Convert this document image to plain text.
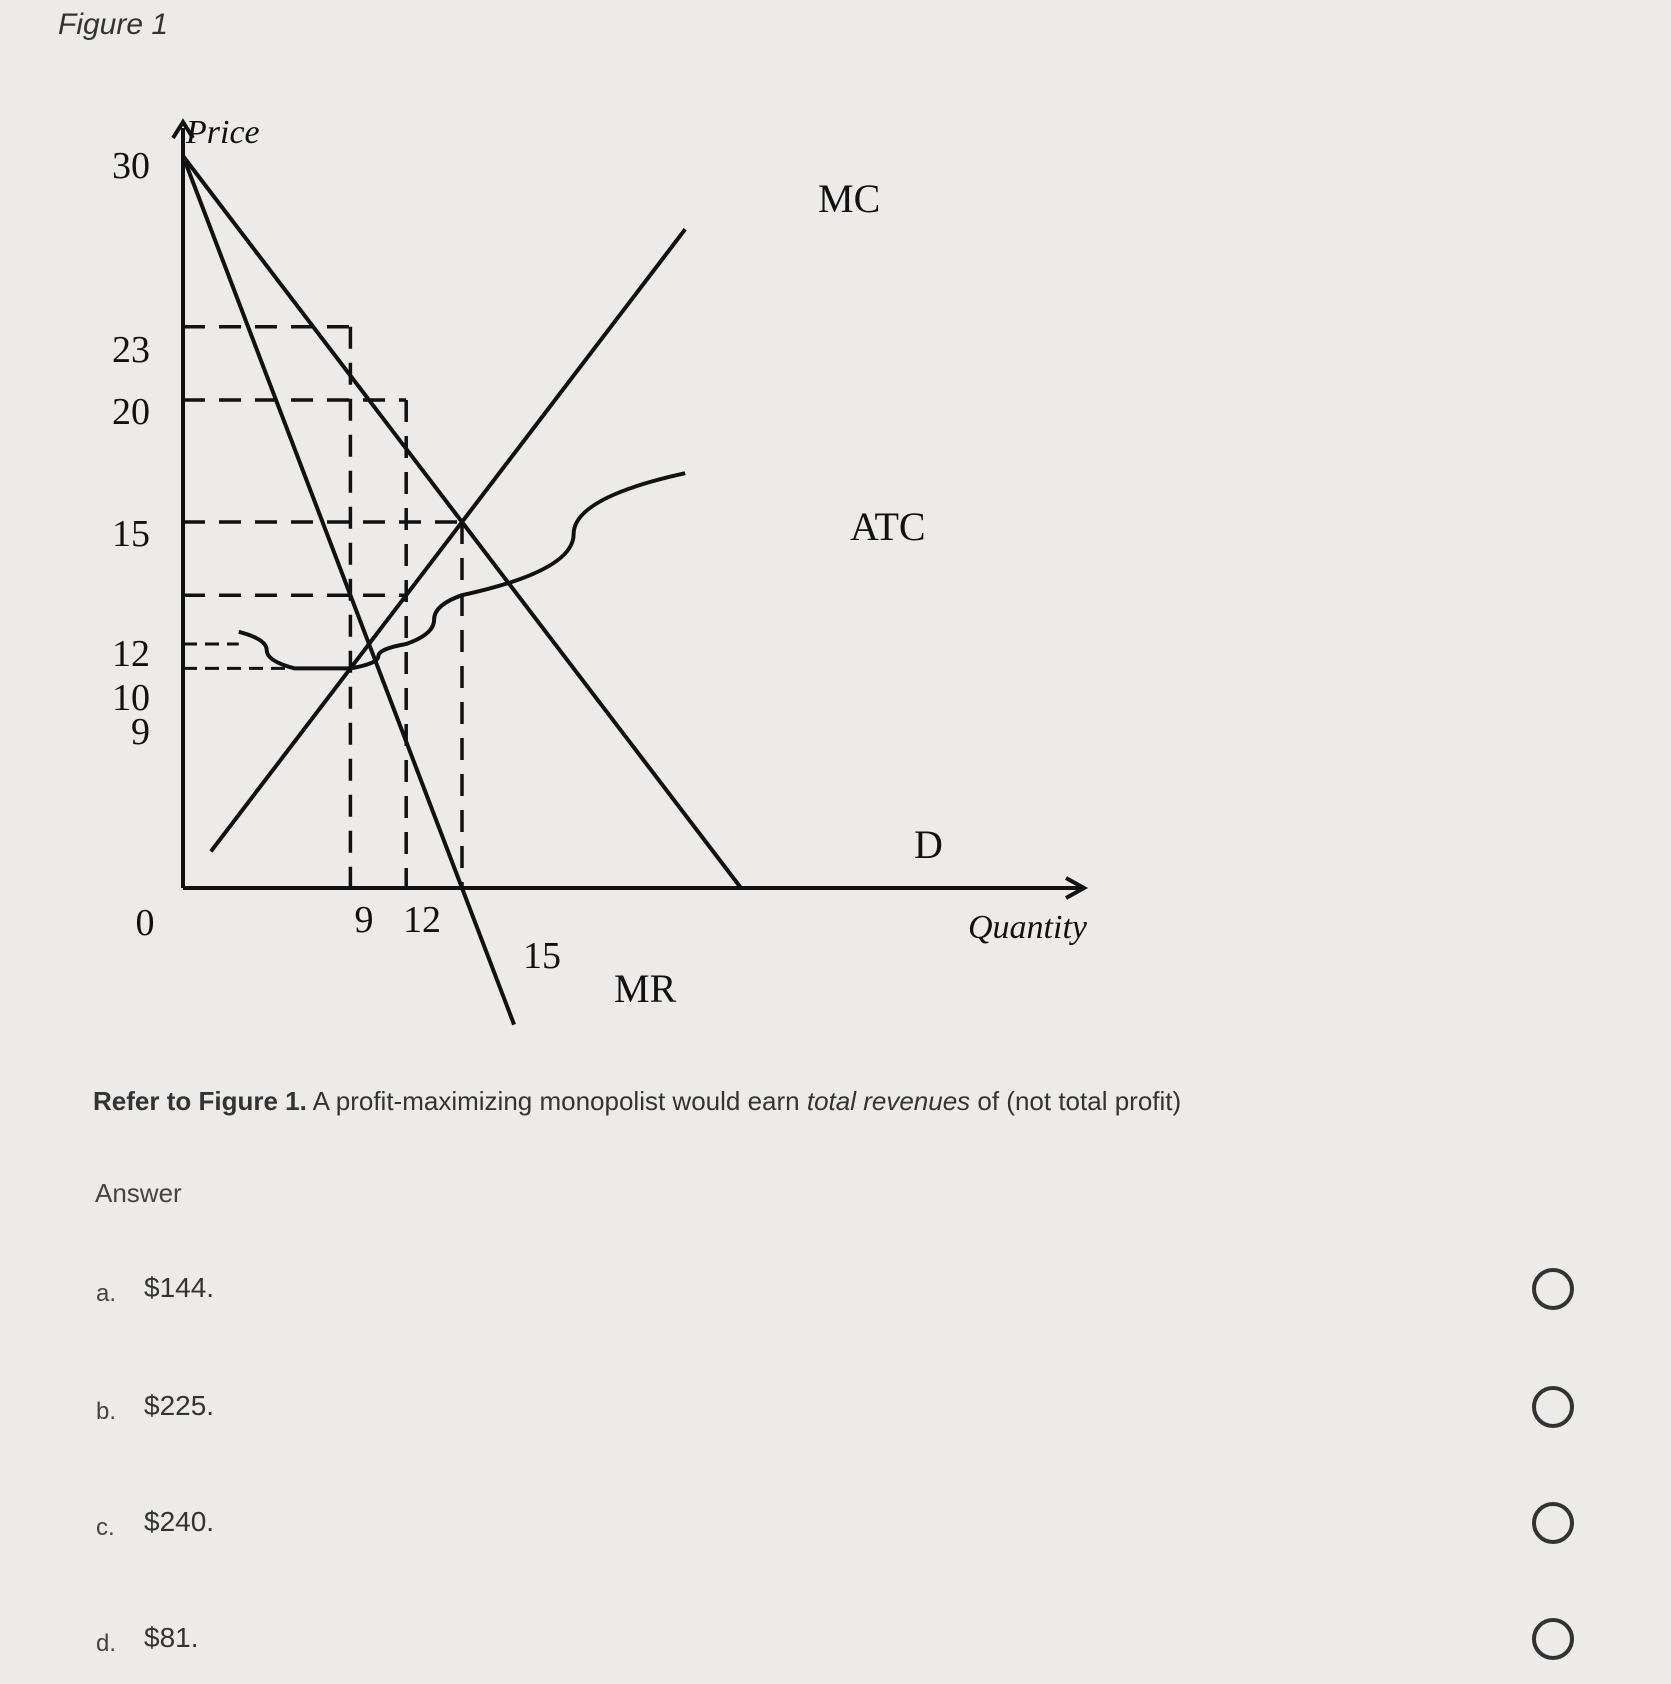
Figure 1
D
MR
MC
ATC
30
23
20
15
12
10
9
0	9 12
15
Price
Quantity
Refer to Figure 1. A profit-maximizing monopolist would earn total revenues of (not total profit)
Answer
a. $144.
b. $225.
c. $240.
d. $81.
